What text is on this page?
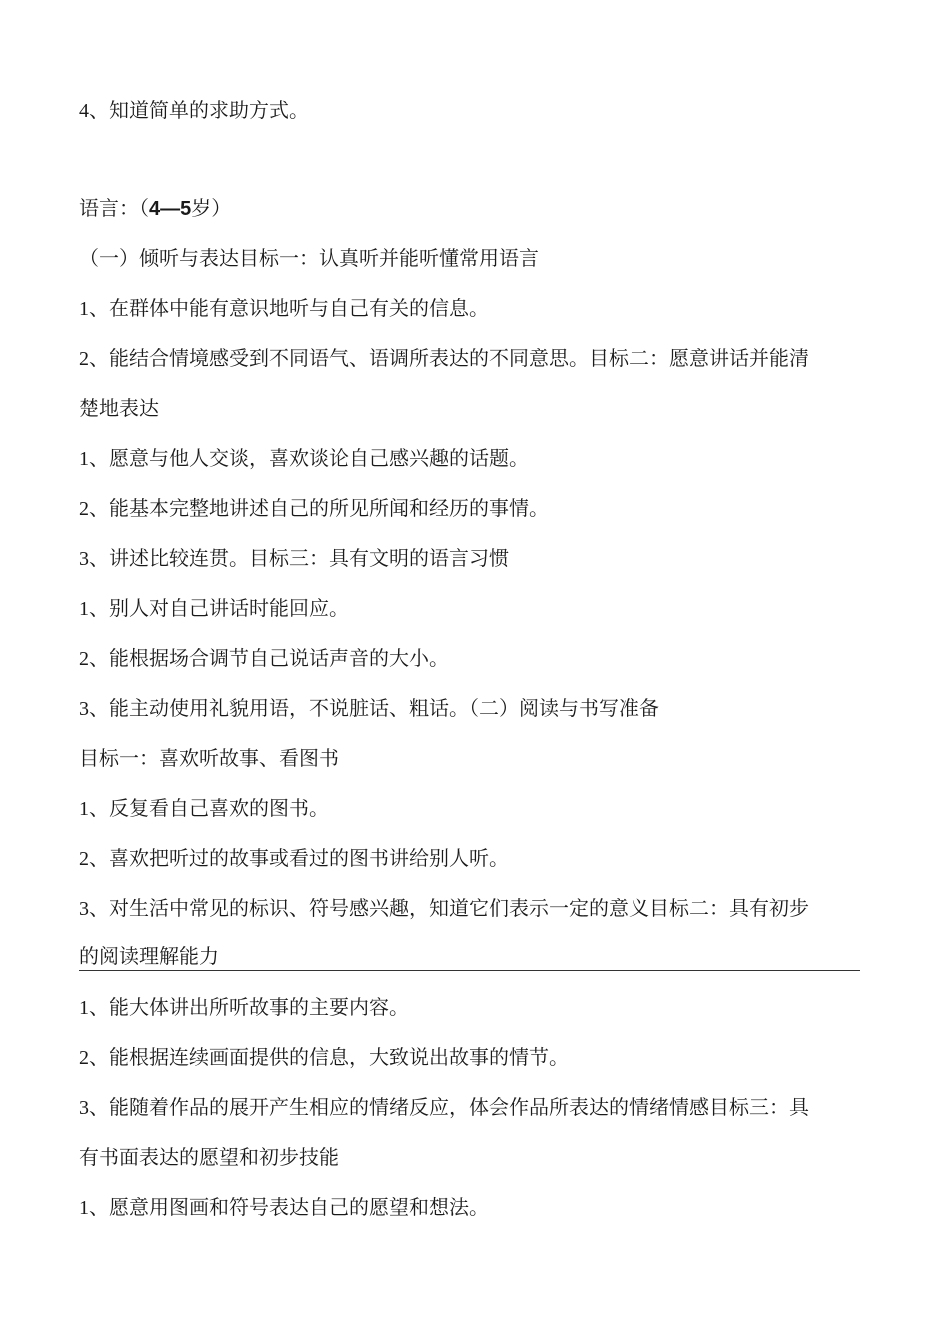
4、知道简单的求助方式。
语言：（4—5岁）
（一）倾听与表达目标一：认真听并能听懂常用语言
1、在群体中能有意识地听与自己有关的信息。
2、能结合情境感受到不同语气、语调所表达的不同意思。目标二：愿意讲话并能清
楚地表达
1、愿意与他人交谈，喜欢谈论自己感兴趣的话题。
2、能基本完整地讲述自己的所见所闻和经历的事情。
3、讲述比较连贯。目标三：具有文明的语言习惯
1、别人对自己讲话时能回应。
2、能根据场合调节自己说话声音的大小。
3、能主动使用礼貌用语，不说脏话、粗话。（二）阅读与书写准备
目标一：喜欢听故事、看图书
1、反复看自己喜欢的图书。
2、喜欢把听过的故事或看过的图书讲给别人听。
3、对生活中常见的标识、符号感兴趣，知道它们表示一定的意义目标二：具有初步
的阅读理解能力
1、能大体讲出所听故事的主要内容。
2、能根据连续画面提供的信息，大致说出故事的情节。
3、能随着作品的展开产生相应的情绪反应，体会作品所表达的情绪情感目标三：具
有书面表达的愿望和初步技能
1、愿意用图画和符号表达自己的愿望和想法。
